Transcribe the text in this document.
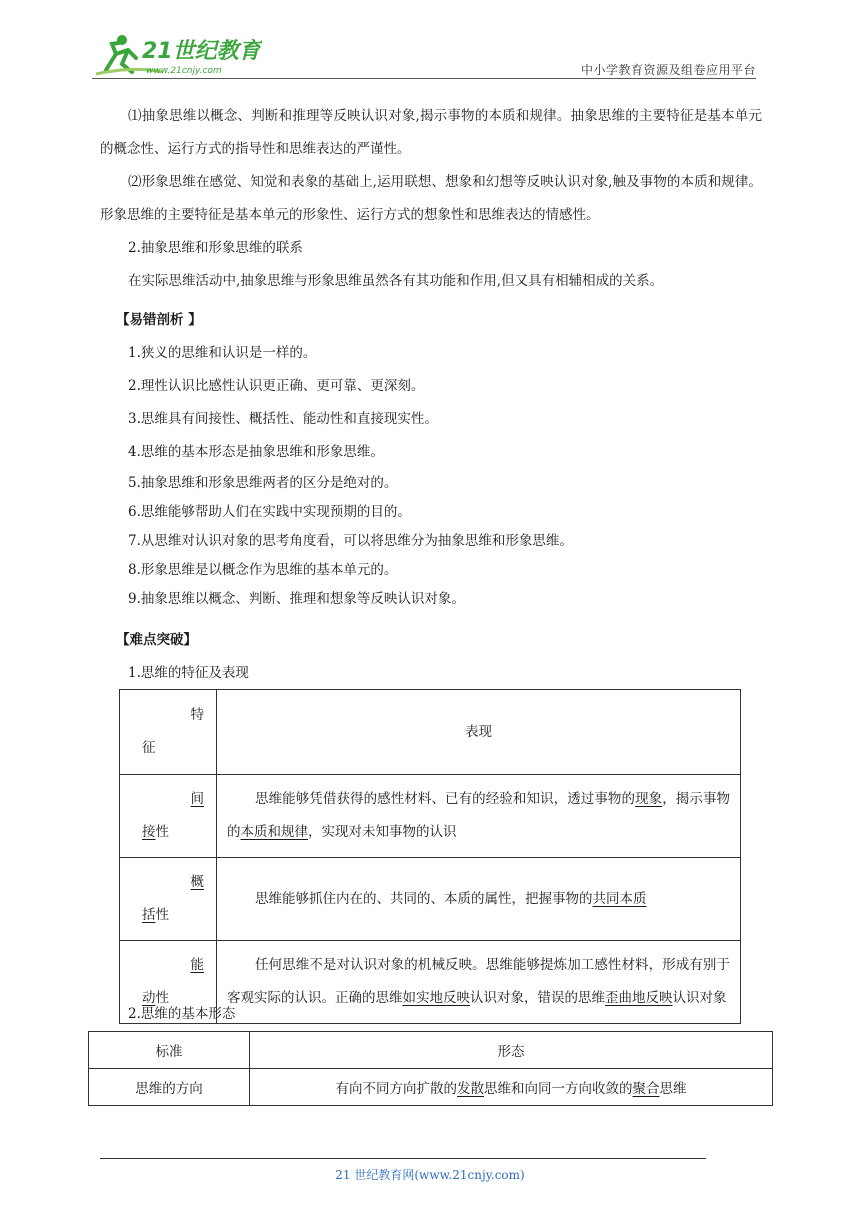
21世纪教育
www.21cnjy.com	中小学教育资源及组卷应用平台

⑴抽象思维以概念、判断和推理等反映认识对象,揭示事物的本质和规律。抽象思维的主要特征是基本单元的概念性、运行方式的指导性和思维表达的严谨性。

⑵形象思维在感觉、知觉和表象的基础上,运用联想、想象和幻想等反映认识对象,触及事物的本质和规律。形象思维的主要特征是基本单元的形象性、运行方式的想象性和思维表达的情感性。

2.抽象思维和形象思维的联系

在实际思维活动中,抽象思维与形象思维虽然各有其功能和作用,但又具有相辅相成的关系。

【易错剖析 】

1.狭义的思维和认识是一样的。
2.理性认识比感性认识更正确、更可靠、更深刻。
3.思维具有间接性、概括性、能动性和直接现实性。
4.思维的基本形态是抽象思维和形象思维。
5.抽象思维和形象思维两者的区分是绝对的。
6.思维能够帮助人们在实践中实现预期的目的。
7.从思维对认识对象的思考角度看，可以将思维分为抽象思维和形象思维。
8.形象思维是以概念作为思维的基本单元的。
9.抽象思维以概念、判断、推理和想象等反映认识对象。

【难点突破】

1.思维的特征及表现

特
征	表现
间
接性	思维能够凭借获得的感性材料、已有的经验和知识，透过事物的现象，揭示事物的本质和规律，实现对未知事物的认识
概
括性	思维能够抓住内在的、共同的、本质的属性，把握事物的共同本质
能
动性	任何思维不是对认识对象的机械反映。思维能够提炼加工感性材料，形成有别于客观实际的认识。正确的思维如实地反映认识对象，错误的思维歪曲地反映认识对象
2.思维的基本形态
标准	形态
思维的方向	有向不同方向扩散的发散思维和向同一方向收敛的聚合思维
21 世纪教育网(www.21cnjy.com)
